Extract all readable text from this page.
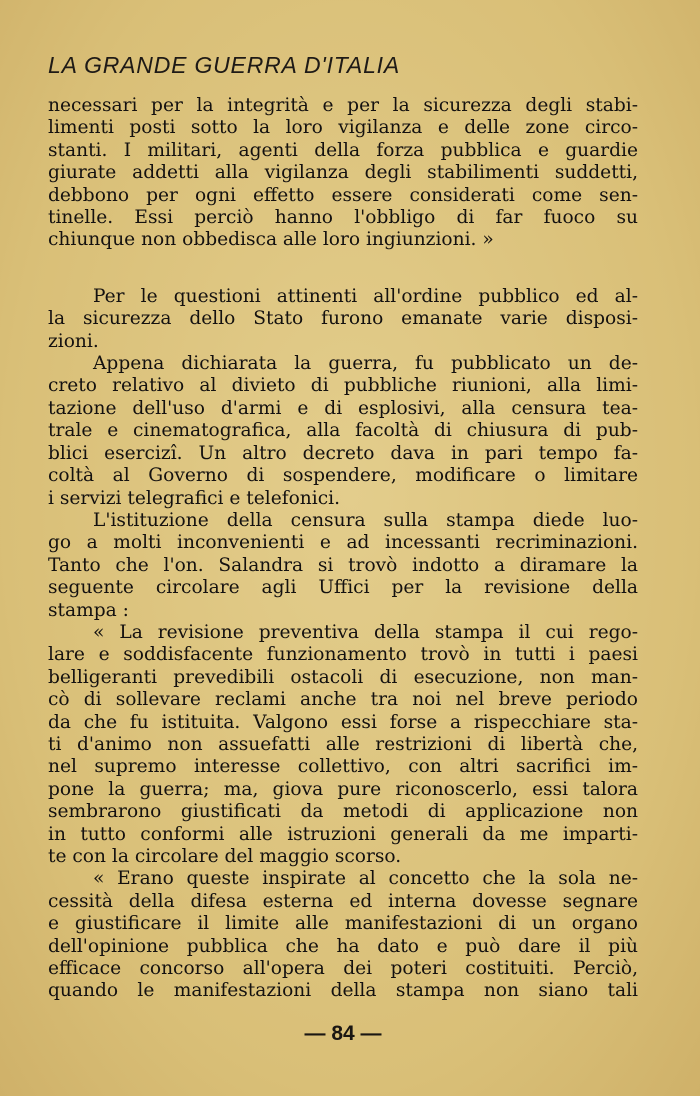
LA GRANDE GUERRA D'ITALIA
necessari per la integrità e per la sicurezza degli stabi-
limenti posti sotto la loro vigilanza e delle zone circo-
stanti. I militari, agenti della forza pubblica e guardie
giurate addetti alla vigilanza degli stabilimenti suddetti,
debbono per ogni effetto essere considerati come sen-
tinelle. Essi perciò hanno l'obbligo di far fuoco su
chiunque non obbedisca alle loro ingiunzioni. »
Per le questioni attinenti all'ordine pubblico ed al-
la sicurezza dello Stato furono emanate varie disposi-
zioni.
Appena dichiarata la guerra, fu pubblicato un de-
creto relativo al divieto di pubbliche riunioni, alla limi-
tazione dell'uso d'armi e di esplosivi, alla censura tea-
trale e cinematografica, alla facoltà di chiusura di pub-
blici esercizî. Un altro decreto dava in pari tempo fa-
coltà al Governo di sospendere, modificare o limitare
i servizi telegrafici e telefonici.
L'istituzione della censura sulla stampa diede luo-
go a molti inconvenienti e ad incessanti recriminazioni.
Tanto che l'on. Salandra si trovò indotto a diramare la
seguente circolare agli Uffici per la revisione della
stampa :
« La revisione preventiva della stampa il cui rego-
lare e soddisfacente funzionamento trovò in tutti i paesi
belligeranti prevedibili ostacoli di esecuzione, non man-
cò di sollevare reclami anche tra noi nel breve periodo
da che fu istituita. Valgono essi forse a rispecchiare sta-
ti d'animo non assuefatti alle restrizioni di libertà che,
nel supremo interesse collettivo, con altri sacrifici im-
pone la guerra; ma, giova pure riconoscerlo, essi talora
sembrarono giustificati da metodi di applicazione non
in tutto conformi alle istruzioni generali da me imparti-
te con la circolare del maggio scorso.
« Erano queste inspirate al concetto che la sola ne-
cessità della difesa esterna ed interna dovesse segnare
e giustificare il limite alle manifestazioni di un organo
dell'opinione pubblica che ha dato e può dare il più
efficace concorso all'opera dei poteri costituiti. Perciò,
quando le manifestazioni della stampa non siano tali
— 84 —
